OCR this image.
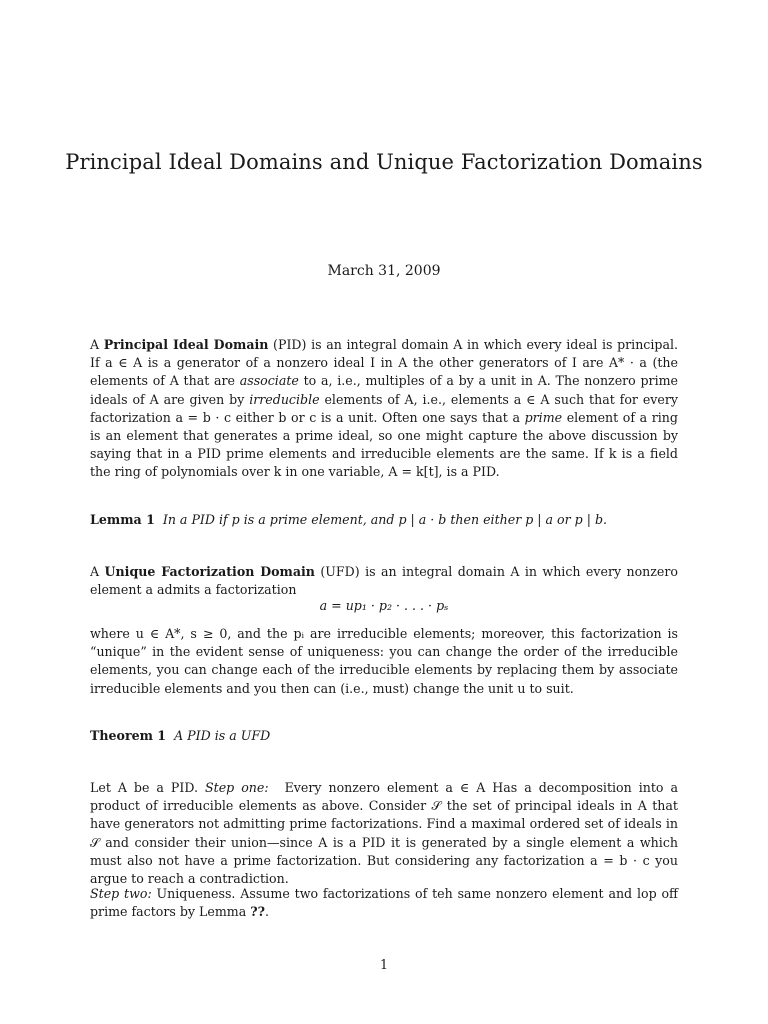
Principal Ideal Domains and Unique Factorization Domains
March 31, 2009
A Principal Ideal Domain (PID) is an integral domain A in which every ideal is principal. If a ∈ A is a generator of a nonzero ideal I in A the other generators of I are A* · a (the elements of A that are associate to a, i.e., multiples of a by a unit in A. The nonzero prime ideals of A are given by irreducible elements of A, i.e., elements a ∈ A such that for every factorization a = b · c either b or c is a unit. Often one says that a prime element of a ring is an element that generates a prime ideal, so one might capture the above discussion by saying that in a PID prime elements and irreducible elements are the same. If k is a field the ring of polynomials over k in one variable, A = k[t], is a PID.
Lemma 1 In a PID if p is a prime element, and p | a · b then either p | a or p | b.
A Unique Factorization Domain (UFD) is an integral domain A in which every nonzero element a admits a factorization
a = up₁ · p₂ · . . . · pₛ
where u ∈ A*, s ≥ 0, and the pᵢ are irreducible elements; moreover, this factorization is “unique” in the evident sense of uniqueness: you can change the order of the irreducible elements, you can change each of the irreducible elements by replacing them by associate irreducible elements and you then can (i.e., must) change the unit u to suit.
Theorem 1 A PID is a UFD
Let A be a PID. Step one: Every nonzero element a ∈ A Has a decomposition into a product of irreducible elements as above. Consider 𝒮 the set of principal ideals in A that have generators not admitting prime factorizations. Find a maximal ordered set of ideals in 𝒮 and consider their union—since A is a PID it is generated by a single element a which must also not have a prime factorization. But considering any factorization a = b · c you argue to reach a contradiction.
Step two: Uniqueness. Assume two factorizations of teh same nonzero element and lop off prime factors by Lemma ??.
1
